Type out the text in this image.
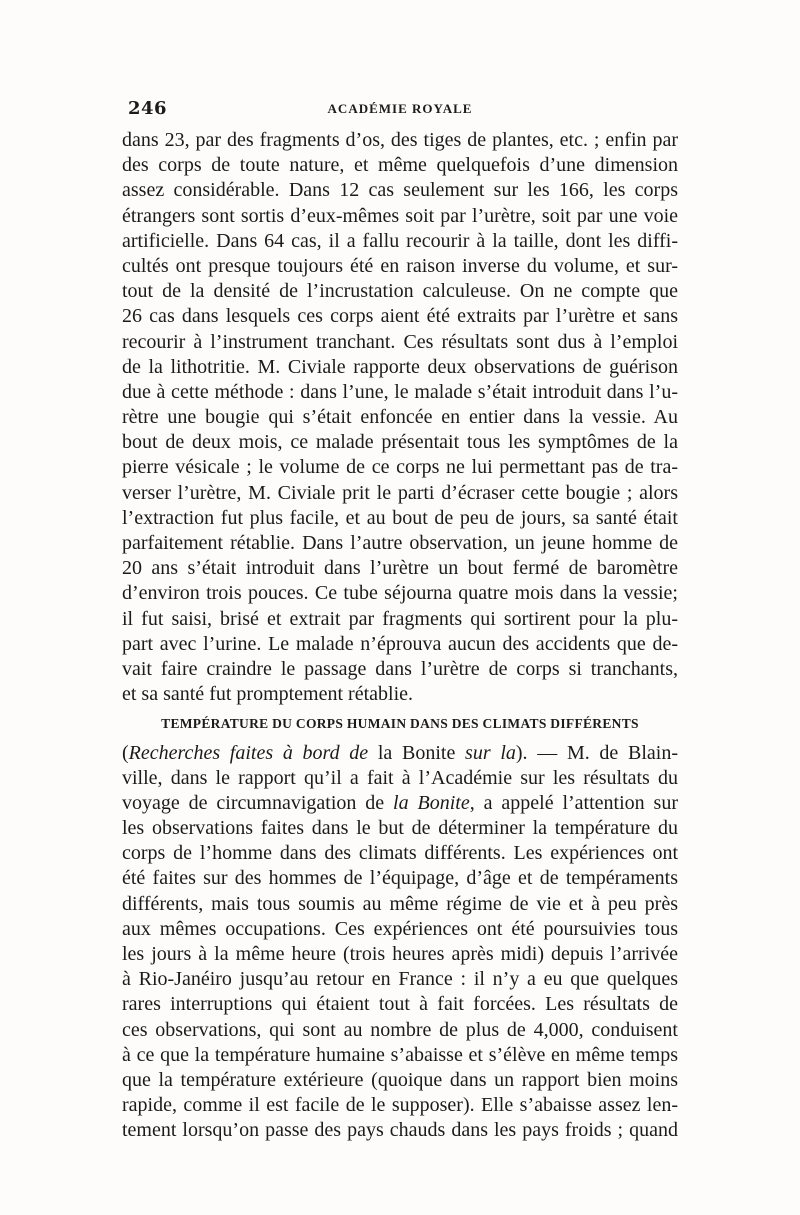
246	ACADÉMIE ROYALE
dans 23, par des fragments d’os, des tiges de plantes, etc. ; enfin par
des corps de toute nature, et même quelquefois d’une dimension
assez considérable. Dans 12 cas seulement sur les 166, les corps
étrangers sont sortis d’eux-mêmes soit par l’urètre, soit par une voie
artificielle. Dans 64 cas, il a fallu recourir à la taille, dont les diffi-
cultés ont presque toujours été en raison inverse du volume, et sur-
tout de la densité de l’incrustation calculeuse. On ne compte que
26 cas dans lesquels ces corps aient été extraits par l’urètre et sans
recourir à l’instrument tranchant. Ces résultats sont dus à l’emploi
de la lithotritie. M. Civiale rapporte deux observations de guérison
due à cette méthode : dans l’une, le malade s’était introduit dans l’u-
rètre une bougie qui s’était enfoncée en entier dans la vessie. Au
bout de deux mois, ce malade présentait tous les symptômes de la
pierre vésicale ; le volume de ce corps ne lui permettant pas de tra-
verser l’urètre, M. Civiale prit le parti d’écraser cette bougie ; alors
l’extraction fut plus facile, et au bout de peu de jours, sa santé était
parfaitement rétablie. Dans l’autre observation, un jeune homme de
20 ans s’était introduit dans l’urètre un bout fermé de baromètre
d’environ trois pouces. Ce tube séjourna quatre mois dans la vessie;
il fut saisi, brisé et extrait par fragments qui sortirent pour la plu-
part avec l’urine. Le malade n’éprouva aucun des accidents que de-
vait faire craindre le passage dans l’urètre de corps si tranchants,
et sa santé fut promptement rétablie.
TEMPÉRATURE DU CORPS HUMAIN DANS DES CLIMATS DIFFÉRENTS
(Recherches faites à bord de la Bonite sur la). — M. de Blain-
ville, dans le rapport qu’il a fait à l’Académie sur les résultats du
voyage de circumnavigation de la Bonite, a appelé l’attention sur
les observations faites dans le but de déterminer la température du
corps de l’homme dans des climats différents. Les expériences ont
été faites sur des hommes de l’équipage, d’âge et de tempéraments
différents, mais tous soumis au même régime de vie et à peu près
aux mêmes occupations. Ces expériences ont été poursuivies tous
les jours à la même heure (trois heures après midi) depuis l’arrivée
à Rio-Janéiro jusqu’au retour en France : il n’y a eu que quelques
rares interruptions qui étaient tout à fait forcées. Les résultats de
ces observations, qui sont au nombre de plus de 4,000, conduisent
à ce que la température humaine s’abaisse et s’élève en même temps
que la température extérieure (quoique dans un rapport bien moins
rapide, comme il est facile de le supposer). Elle s’abaisse assez len-
tement lorsqu’on passe des pays chauds dans les pays froids ; quand
